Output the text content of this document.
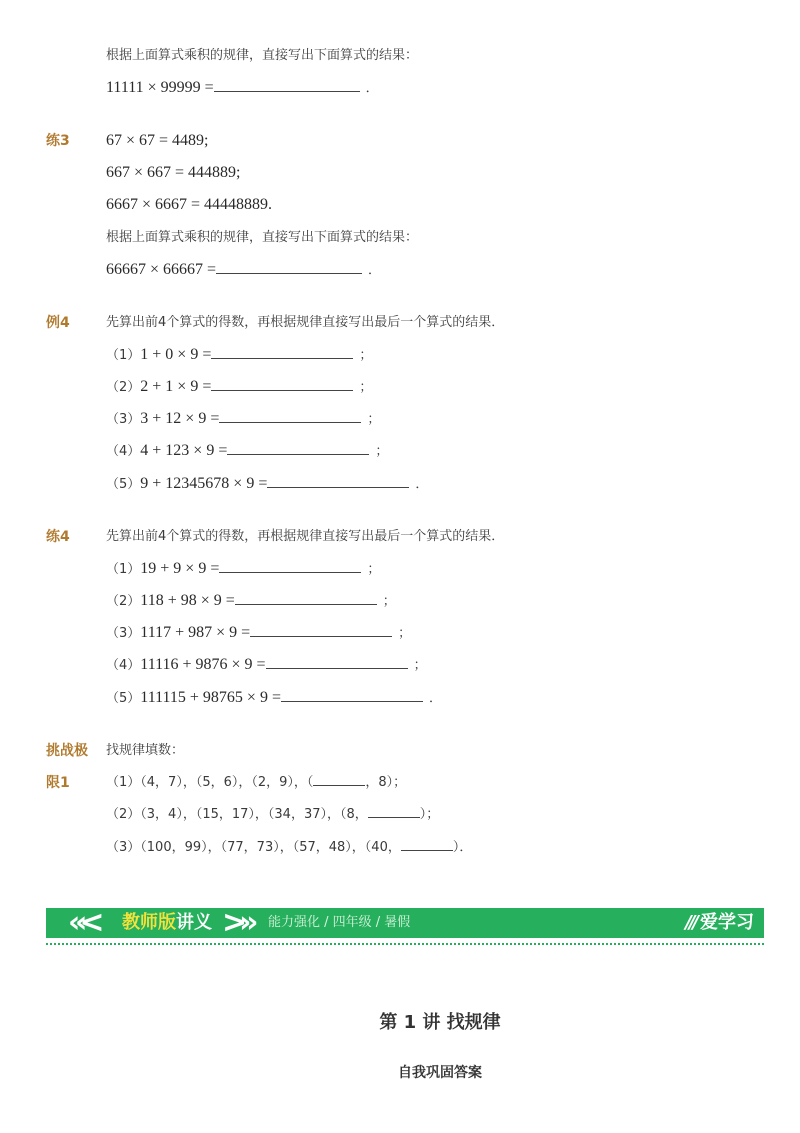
根据上面算式乘积的规律，直接写出下面算式的结果：
11111 × 99999 =	．
练3 67 × 67 = 4489;
667 × 667 = 444889;
6667 × 6667 = 44448889.
根据上面算式乘积的规律，直接写出下面算式的结果：
66667 × 66667 =	．
例4	先算出前4个算式的得数，再根据规律直接写出最后一个算式的结果．
（1）1 + 0 × 9 =	；
（2）2 + 1 × 9 =	；
（3）3 + 12 × 9 =	；
（4）4 + 123 × 9 =	；
（5）9 + 12345678 × 9 =	．
练4	先算出前4个算式的得数，再根据规律直接写出最后一个算式的结果．
（1）19 + 9 × 9 =	；
（2）118 + 98 × 9 =	；
（3）1117 + 987 × 9 =	；
（4）11116 + 9876 × 9 =	；
（5）111115 + 98765 × 9 =	．
挑战极
限1
找规律填数：
（1）（4，7），（5，6），（2，9），（	，8）；
（2）（3，4），（15，17），（34，37），（8，	）；
（3）（100，99），（77，73），（57，48），（40，	）．
«< 教师版讲义 >» 能力强化 / 四年级 / 暑假	/// 爱学习
第 1 讲 找规律
自我巩固答案
